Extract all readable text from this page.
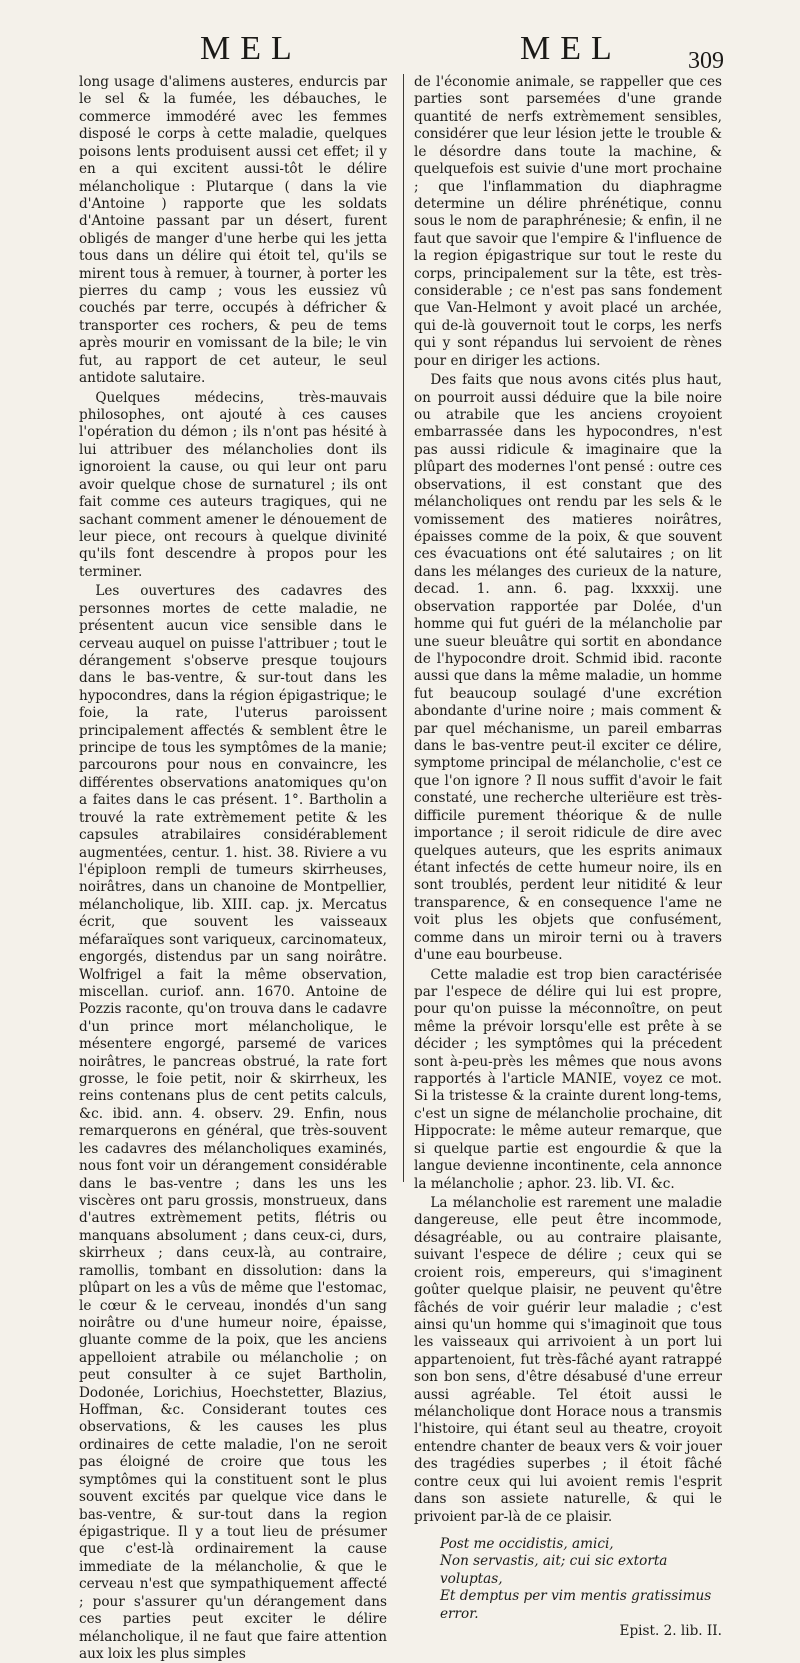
MEL	MEL	309

long usage d'alimens austeres, endurcis par le sel & la fumée, les débauches, le commerce immodéré avec les femmes disposé le corps à cette maladie, quelques poisons lents produisent aussi cet effet; il y en a qui excitent aussi-tôt le délire mélancholique : Plutarque ( dans la vie d'Antoine ) rapporte que les soldats d'Antoine passant par un désert, furent obligés de manger d'une herbe qui les jetta tous dans un délire qui étoit tel, qu'ils se mirent tous à remuer, à tourner, à porter les pierres du camp ; vous les eussiez vû couchés par terre, occupés à défricher & transporter ces rochers, & peu de tems après mourir en vomissant de la bile; le vin fut, au rapport de cet auteur, le seul antidote salutaire.

Quelques médecins, très-mauvais philosophes, ont ajouté à ces causes l'opération du démon ; ils n'ont pas hésité à lui attribuer des mélancholies dont ils ignoroient la cause, ou qui leur ont paru avoir quelque chose de surnaturel ; ils ont fait comme ces auteurs tragiques, qui ne sachant comment amener le dénouement de leur piece, ont recours à quelque divinité qu'ils font descendre à propos pour les terminer.

Les ouvertures des cadavres des personnes mortes de cette maladie, ne présentent aucun vice sensible dans le cerveau auquel on puisse l'attribuer ; tout le dérangement s'observe presque toujours dans le bas-ventre, & sur-tout dans les hypocondres, dans la région épigastrique; le foie, la rate, l'uterus paroissent principalement affectés & semblent être le principe de tous les symptômes de la manie; parcourons pour nous en convaincre, les différentes observations anatomiques qu'on a faites dans le cas présent. 1°. Bartholin a trouvé la rate extrèmement petite & les capsules atrabilaires considérablement augmentées, centur. 1. hist. 38. Riviere a vu l'épiploon rempli de tumeurs skirrheuses, noirâtres, dans un chanoine de Montpellier, mélancholique, lib. XIII. cap. jx. Mercatus écrit, que souvent les vaisseaux méfaraïques sont variqueux, carcinomateux, engorgés, distendus par un sang noirâtre. Wolfrigel a fait la même observation, miscellan. curiof. ann. 1670. Antoine de Pozzis raconte, qu'on trouva dans le cadavre d'un prince mort mélancholique, le mésentere engorgé, parsemé de varices noirâtres, le pancreas obstrué, la rate fort grosse, le foie petit, noir & skirrheux, les reins contenans plus de cent petits calculs, &c. ibid. ann. 4. observ. 29. Enfin, nous remarquerons en général, que très-souvent les cadavres des mélancholiques examinés, nous font voir un dérangement considérable dans le bas-ventre ; dans les uns les viscères ont paru grossis, monstrueux, dans d'autres extrèmement petits, flétris ou manquans absolument ; dans ceux-ci, durs, skirrheux ; dans ceux-là, au contraire, ramollis, tombant en dissolution: dans la plûpart on les a vûs de même que l'estomac, le cœur & le cerveau, inondés d'un sang noirâtre ou d'une humeur noire, épaisse, gluante comme de la poix, que les anciens appelloient atrabile ou mélancholie ; on peut consulter à ce sujet Bartholin, Dodonée, Lorichius, Hoechstetter, Blazius, Hoffman, &c. Considerant toutes ces observations, & les causes les plus ordinaires de cette maladie, l'on ne seroit pas éloigné de croire que tous les symptômes qui la constituent sont le plus souvent excités par quelque vice dans le bas-ventre, & sur-tout dans la region épigastrique. Il y a tout lieu de présumer que c'est-là ordinairement la cause immediate de la mélancholie, & que le cerveau n'est que sympathiquement affecté ; pour s'assurer qu'un dérangement dans ces parties peut exciter le délire mélancholique, il ne faut que faire attention aux loix les plus simples

de l'économie animale, se rappeller que ces parties sont parsemées d'une grande quantité de nerfs extrèmement sensibles, considérer que leur lésion jette le trouble & le désordre dans toute la machine, & quelquefois est suivie d'une mort prochaine ; que l'inflammation du diaphragme determine un délire phrénétique, connu sous le nom de paraphrénesie; & enfin, il ne faut que savoir que l'empire & l'influence de la region épigastrique sur tout le reste du corps, principalement sur la tête, est très-considerable ; ce n'est pas sans fondement que Van-Helmont y avoit placé un archée, qui de-là gouvernoit tout le corps, les nerfs qui y sont répandus lui servoient de rènes pour en diriger les actions.

Des faits que nous avons cités plus haut, on pourroit aussi déduire que la bile noire ou atrabile que les anciens croyoient embarrassée dans les hypocondres, n'est pas aussi ridicule & imaginaire que la plûpart des modernes l'ont pensé : outre ces observations, il est constant que des mélancholiques ont rendu par les sels & le vomissement des matieres noirâtres, épaisses comme de la poix, & que souvent ces évacuations ont été salutaires ; on lit dans les mélanges des curieux de la nature, decad. 1. ann. 6. pag. lxxxxij. une observation rapportée par Dolée, d'un homme qui fut guéri de la mélancholie par une sueur bleuâtre qui sortit en abondance de l'hypocondre droit. Schmid ibid. raconte aussi que dans la même maladie, un homme fut beaucoup soulagé d'une excrétion abondante d'urine noire ; mais comment & par quel méchanisme, un pareil embarras dans le bas-ventre peut-il exciter ce délire, symptome principal de mélancholie, c'est ce que l'on ignore ? Il nous suffit d'avoir le fait constaté, une recherche ulteriëure est très-difficile purement théorique & de nulle importance ; il seroit ridicule de dire avec quelques auteurs, que les esprits animaux étant infectés de cette humeur noire, ils en sont troublés, perdent leur nitidité & leur transparence, & en consequence l'ame ne voit plus les objets que confusément, comme dans un miroir terni ou à travers d'une eau bourbeuse.

Cette maladie est trop bien caractérisée par l'espece de délire qui lui est propre, pour qu'on puisse la méconnoître, on peut même la prévoir lorsqu'elle est prête à se décider ; les symptômes qui la précedent sont à-peu-près les mêmes que nous avons rapportés à l'article MANIE, voyez ce mot. Si la tristesse & la crainte durent long-tems, c'est un signe de mélancholie prochaine, dit Hippocrate: le même auteur remarque, que si quelque partie est engourdie & que la langue devienne incontinente, cela annonce la mélancholie ; aphor. 23. lib. VI. &c.

La mélancholie est rarement une maladie dangereuse, elle peut être incommode, désagréable, ou au contraire plaisante, suivant l'espece de délire ; ceux qui se croient rois, empereurs, qui s'imaginent goûter quelque plaisir, ne peuvent qu'être fâchés de voir guérir leur maladie ; c'est ainsi qu'un homme qui s'imaginoit que tous les vaisseaux qui arrivoient à un port lui appartenoient, fut très-fâché ayant ratrappé son bon sens, d'être désabusé d'une erreur aussi agréable. Tel étoit aussi le mélancholique dont Horace nous a transmis l'histoire, qui étant seul au theatre, croyoit entendre chanter de beaux vers & voir jouer des tragédies superbes ; il étoit fâché contre ceux qui lui avoient remis l'esprit dans son assiete naturelle, & qui le privoient par-là de ce plaisir.

Post me occidistis, amici,
Non servastis, ait; cui sic extorta voluptas,
Et demptus per vim mentis gratissimus error.

Epist. 2. lib. II.
